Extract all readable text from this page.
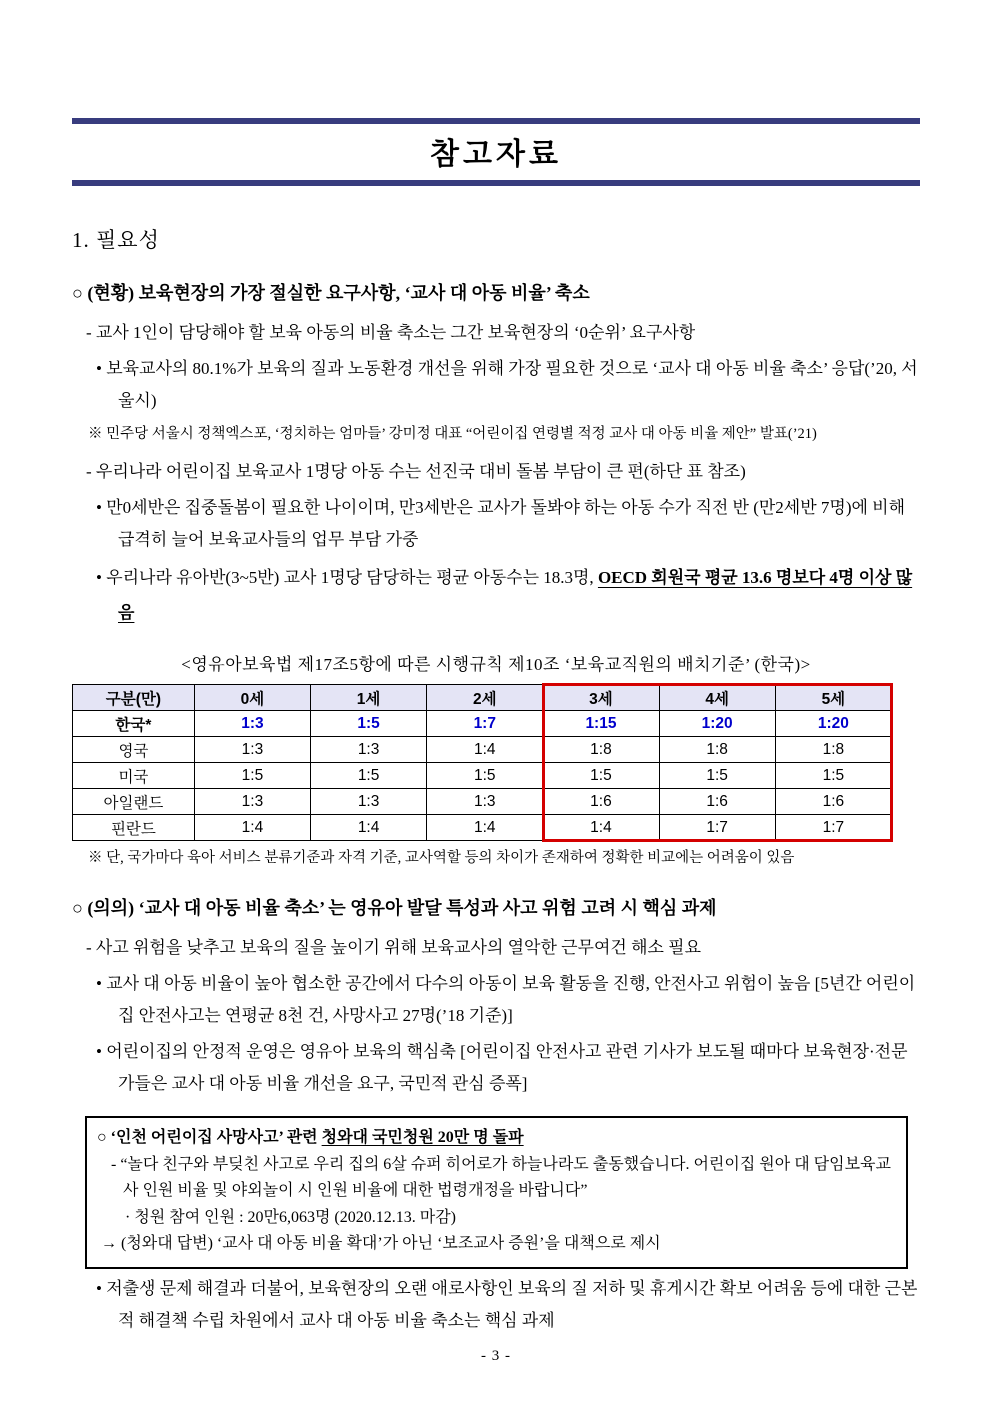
참고자료
1. 필요성
○ (현황) 보육현장의 가장 절실한 요구사항, ‘교사 대 아동 비율’ 축소

- 교사 1인이 담당해야 할 보육 아동의 비율 축소는 그간 보육현장의 ‘0순위’ 요구사항

• 보육교사의 80.1%가 보육의 질과 노동환경 개선을 위해 가장 필요한 것으로 ‘교사 대 아동 비율 축소’ 응답(’20, 서울시)

※ 민주당 서울시 정책엑스포, ‘정치하는 엄마들’ 강미정 대표 “어린이집 연령별 적정 교사 대 아동 비율 제안” 발표(’21)

- 우리나라 어린이집 보육교사 1명당 아동 수는 선진국 대비 돌봄 부담이 큰 편(하단 표 참조)

• 만0세반은 집중돌봄이 필요한 나이이며, 만3세반은 교사가 돌봐야 하는 아동 수가 직전 반 (만2세반 7명)에 비해 급격히 늘어 보육교사들의 업무 부담 가중

• 우리나라 유아반(3~5반) 교사 1명당 담당하는 평균 아동수는 18.3명, OECD 회원국 평균 13.6 명보다 4명 이상 많음

<영유아보육법 제17조5항에 따른 시행규칙 제10조 ‘보육교직원의 배치기준’ (한국)>
구분(만)	0세	1세	2세	3세	4세	5세
한국*	1:3	1:5	1:7	1:15	1:20	1:20
영국	1:3	1:3	1:4	1:8	1:8	1:8
미국	1:5	1:5	1:5	1:5	1:5	1:5
아일랜드	1:3	1:3	1:3	1:6	1:6	1:6
핀란드	1:4	1:4	1:4	1:4	1:7	1:7

※ 단, 국가마다 육아 서비스 분류기준과 자격 기준, 교사역할 등의 차이가 존재하여 정확한 비교에는 어려움이 있음

○ (의의) ‘교사 대 아동 비율 축소’ 는 영유아 발달 특성과 사고 위험 고려 시 핵심 과제

- 사고 위험을 낮추고 보육의 질을 높이기 위해 보육교사의 열악한 근무여건 해소 필요

• 교사 대 아동 비율이 높아 협소한 공간에서 다수의 아동이 보육 활동을 진행, 안전사고 위험이 높음 [5년간 어린이집 안전사고는 연평균 8천 건, 사망사고 27명(’18 기준)]

• 어린이집의 안정적 운영은 영유아 보육의 핵심축 [어린이집 안전사고 관련 기사가 보도될 때마다 보육현장·전문가들은 교사 대 아동 비율 개선을 요구, 국민적 관심 증폭]

○ ‘인천 어린이집 사망사고’ 관련 청와대 국민청원 20만 명 돌파

- “놀다 친구와 부딪친 사고로 우리 집의 6살 슈퍼 히어로가 하늘나라도 출동했습니다. 어린이집 원아 대 담임보육교사 인원 비율 및 야외놀이 시 인원 비율에 대한 법령개정을 바랍니다”

· 청원 참여 인원 : 20만6,063명 (2020.12.13. 마감)

→ (청와대 답변) ‘교사 대 아동 비율 확대’가 아닌 ‘보조교사 증원’을 대책으로 제시

• 저출생 문제 해결과 더불어, 보육현장의 오랜 애로사항인 보육의 질 저하 및 휴게시간 확보 어려움 등에 대한 근본적 해결책 수립 차원에서 교사 대 아동 비율 축소는 핵심 과제

- 3 -
